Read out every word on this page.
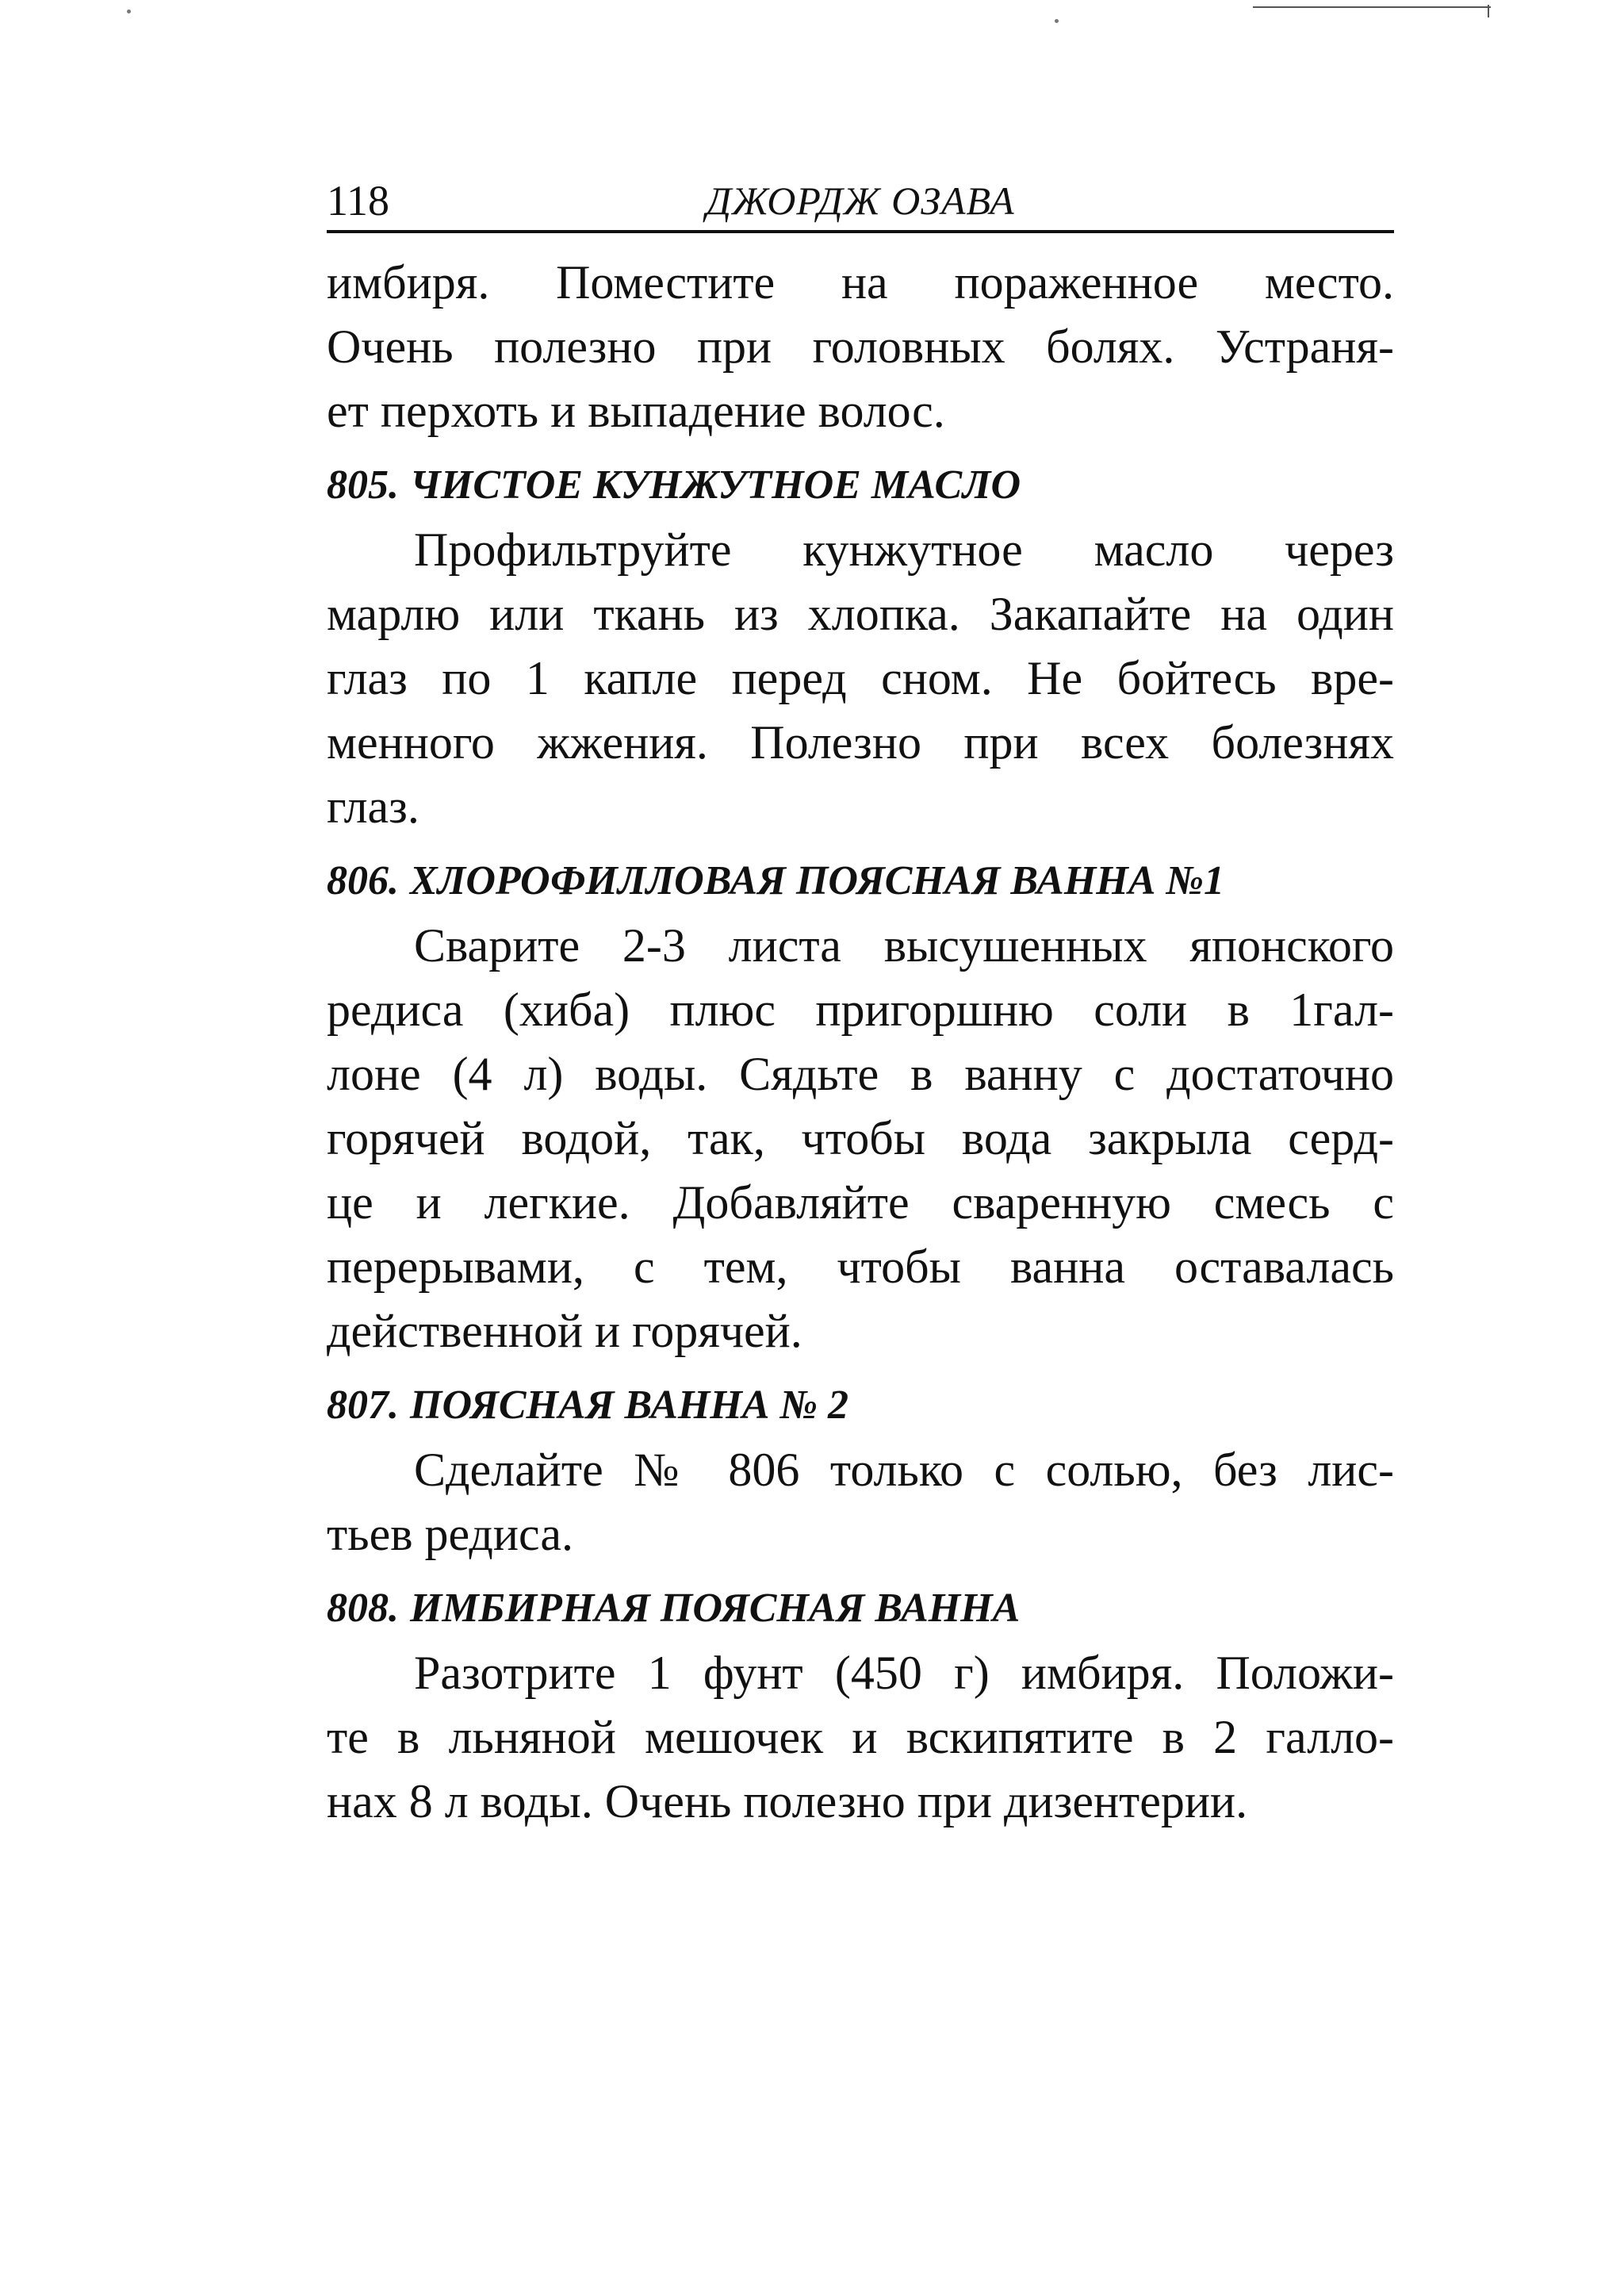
118	ДЖОРДЖ ОЗАВА
имбиря. Поместите на пораженное место.
Очень полезно при головных болях. Устраня-
ет перхоть и выпадение волос.
805. ЧИСТОЕ КУНЖУТНОЕ МАСЛО
Профильтруйте кунжутное масло через
марлю или ткань из хлопка. Закапайте на один
глаз по 1 капле перед сном. Не бойтесь вре-
менного жжения. Полезно при всех болезнях
глаз.
806. ХЛОРОФИЛЛОВАЯ ПОЯСНАЯ ВАННА №1
Сварите 2-3 листа высушенных японского
редиса (хиба) плюс пригоршню соли в 1гал-
лоне (4 л) воды. Сядьте в ванну с достаточно
горячей водой, так, чтобы вода закрыла серд-
це и легкие. Добавляйте сваренную смесь с
перерывами, с тем, чтобы ванна оставалась
действенной и горячей.
807. ПОЯСНАЯ ВАННА № 2
Сделайте № 806 только с солью, без лис-
тьев редиса.
808. ИМБИРНАЯ ПОЯСНАЯ ВАННА
Разотрите 1 фунт (450 г) имбиря. Положи-
те в льняной мешочек и вскипятите в 2 галло-
нах 8 л воды. Очень полезно при дизентерии.
